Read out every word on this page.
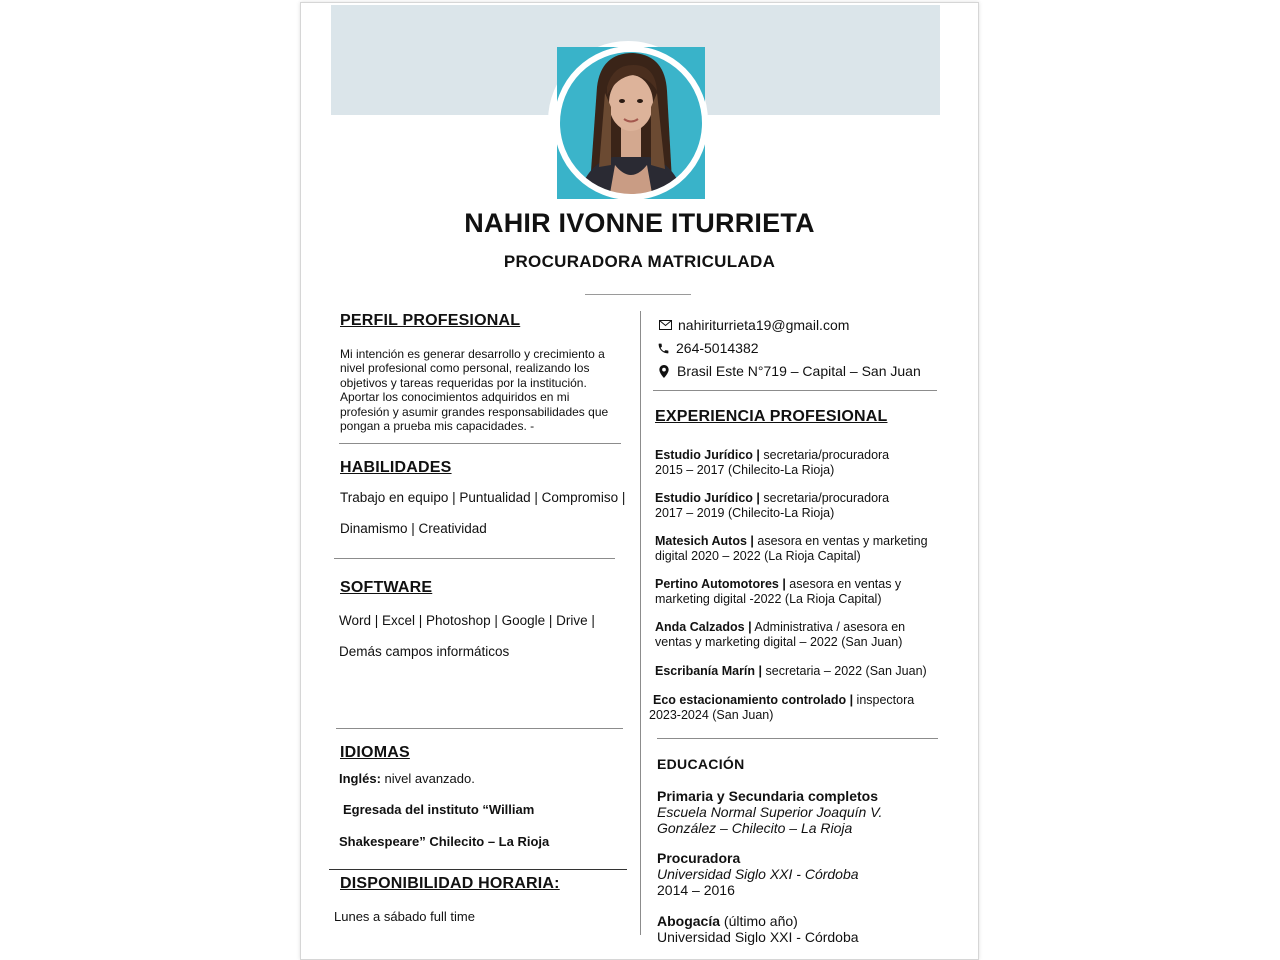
NAHIR IVONNE ITURRIETA
PROCURADORA MATRICULADA
PERFIL PROFESIONAL
Mi intención es generar desarrollo y crecimiento a
nivel profesional como personal, realizando los
objetivos y tareas requeridas por la institución.
Aportar los conocimientos adquiridos en mi
profesión y asumir grandes responsabilidades que
pongan a prueba mis capacidades. -
HABILIDADES
Trabajo en equipo | Puntualidad | Compromiso |
Dinamismo | Creatividad
SOFTWARE
Word | Excel | Photoshop | Google | Drive |
Demás campos informáticos
IDIOMAS
Inglés: nivel avanzado.
Egresada del instituto “William
Shakespeare” Chilecito – La Rioja
DISPONIBILIDAD HORARIA:
Lunes a sábado full time
nahiriturrieta19@gmail.com
264-5014382
Brasil Este N°719 – Capital – San Juan
EXPERIENCIA PROFESIONAL
Estudio Jurídico | secretaria/procuradora
2015 – 2017 (Chilecito-La Rioja)
Estudio Jurídico | secretaria/procuradora
2017 – 2019 (Chilecito-La Rioja)
Matesich Autos | asesora en ventas y marketing
digital 2020 – 2022 (La Rioja Capital)
Pertino Automotores | asesora en ventas y
marketing digital -2022 (La Rioja Capital)
Anda Calzados | Administrativa / asesora en
ventas y marketing digital – 2022 (San Juan)
Escribanía Marín | secretaria – 2022 (San Juan)
Eco estacionamiento controlado | inspectora
2023-2024 (San Juan)
EDUCACIÓN
Primaria y Secundaria completos
Escuela Normal Superior Joaquín V.
González – Chilecito – La Rioja
Procuradora
Universidad Siglo XXI - Córdoba
2014 – 2016
Abogacía (último año)
Universidad Siglo XXI - Córdoba
